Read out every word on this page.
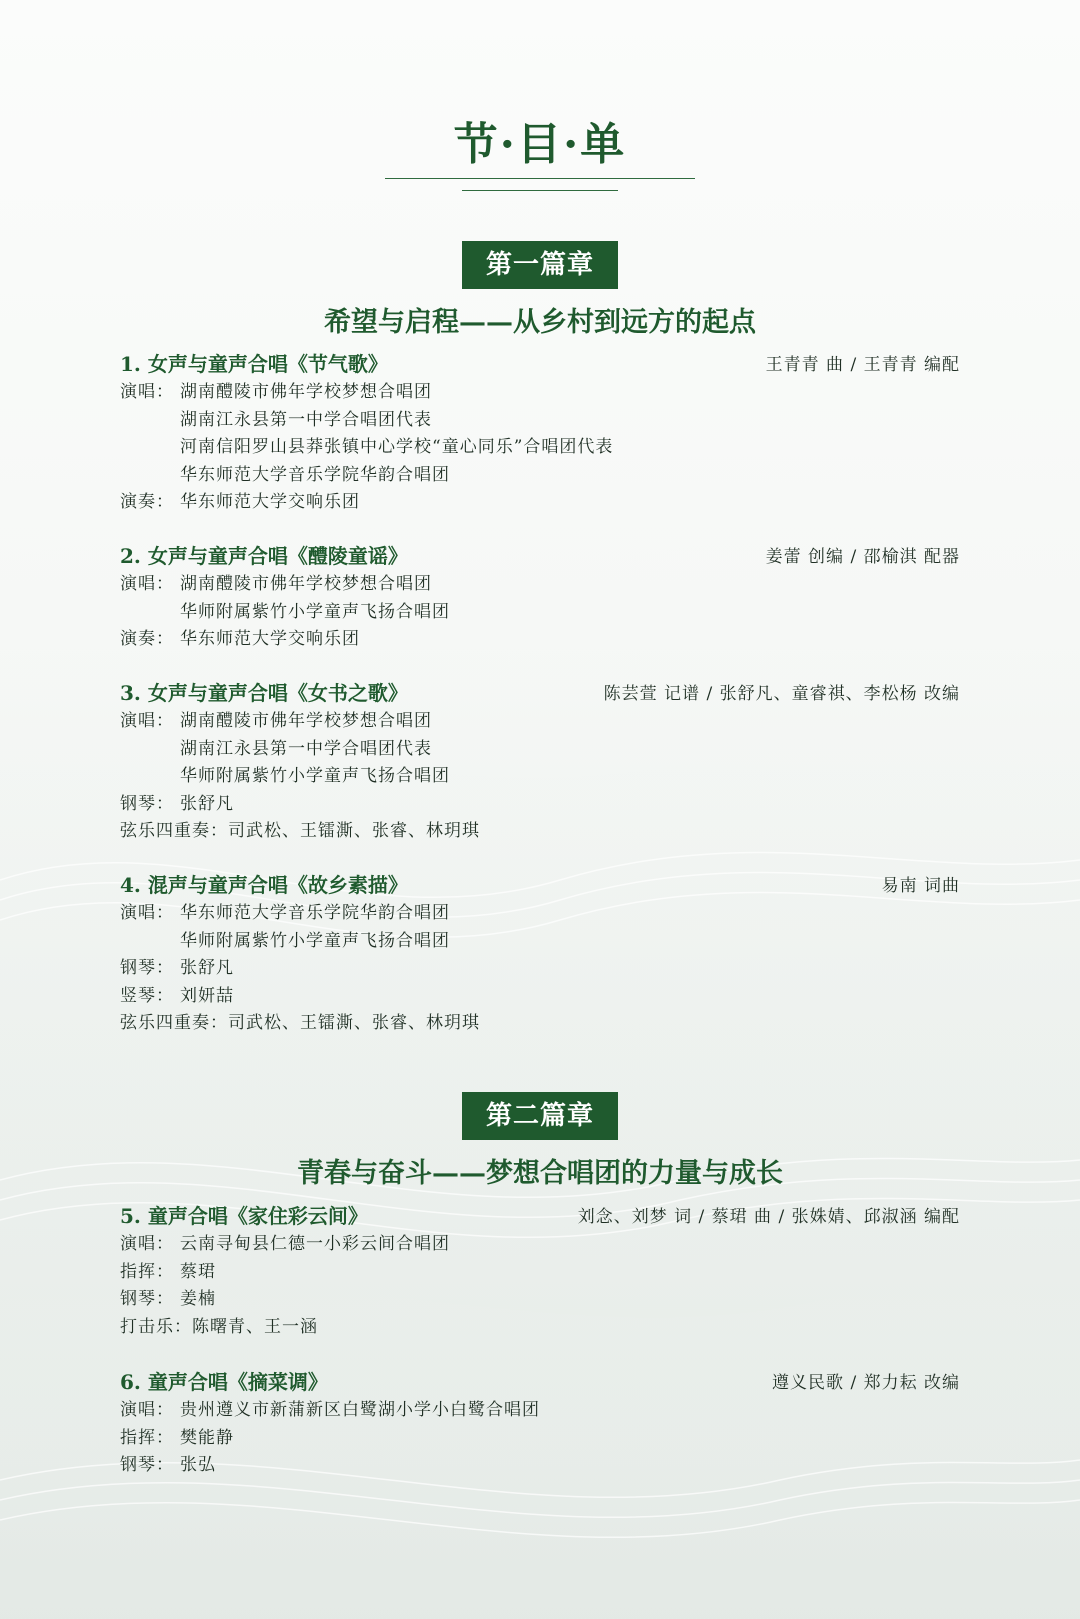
节·目·单
第一篇章
希望与启程——从乡村到远方的起点
1. 女声与童声合唱《节气歌》	王青青 曲 / 王青青 编配
演唱： 湖南醴陵市佛年学校梦想合唱团
湖南江永县第一中学合唱团代表
河南信阳罗山县莽张镇中心学校“童心同乐”合唱团代表
华东师范大学音乐学院华韵合唱团
演奏： 华东师范大学交响乐团
2. 女声与童声合唱《醴陵童谣》	姜蕾 创编 / 邵榆淇 配器
演唱： 湖南醴陵市佛年学校梦想合唱团
华师附属紫竹小学童声飞扬合唱团
演奏： 华东师范大学交响乐团
3. 女声与童声合唱《女书之歌》	陈芸萱 记谱 / 张舒凡、童睿祺、李松杨 改编
演唱： 湖南醴陵市佛年学校梦想合唱团
湖南江永县第一中学合唱团代表
华师附属紫竹小学童声飞扬合唱团
钢琴： 张舒凡
弦乐四重奏： 司武松、王镭澌、张睿、林玥琪
4. 混声与童声合唱《故乡素描》	易南 词曲
演唱： 华东师范大学音乐学院华韵合唱团
华师附属紫竹小学童声飞扬合唱团
钢琴： 张舒凡
竖琴： 刘妍喆
弦乐四重奏： 司武松、王镭澌、张睿、林玥琪
第二篇章
青春与奋斗——梦想合唱团的力量与成长
5. 童声合唱《家住彩云间》	刘念、刘梦 词 / 蔡珺 曲 / 张姝婧、邱淑涵 编配
演唱： 云南寻甸县仁德一小彩云间合唱团
指挥： 蔡珺
钢琴： 姜楠
打击乐： 陈曙青、王一涵
6. 童声合唱《摘菜调》	遵义民歌 / 郑力耘 改编
演唱： 贵州遵义市新蒲新区白鹭湖小学小白鹭合唱团
指挥： 樊能静
钢琴： 张弘
